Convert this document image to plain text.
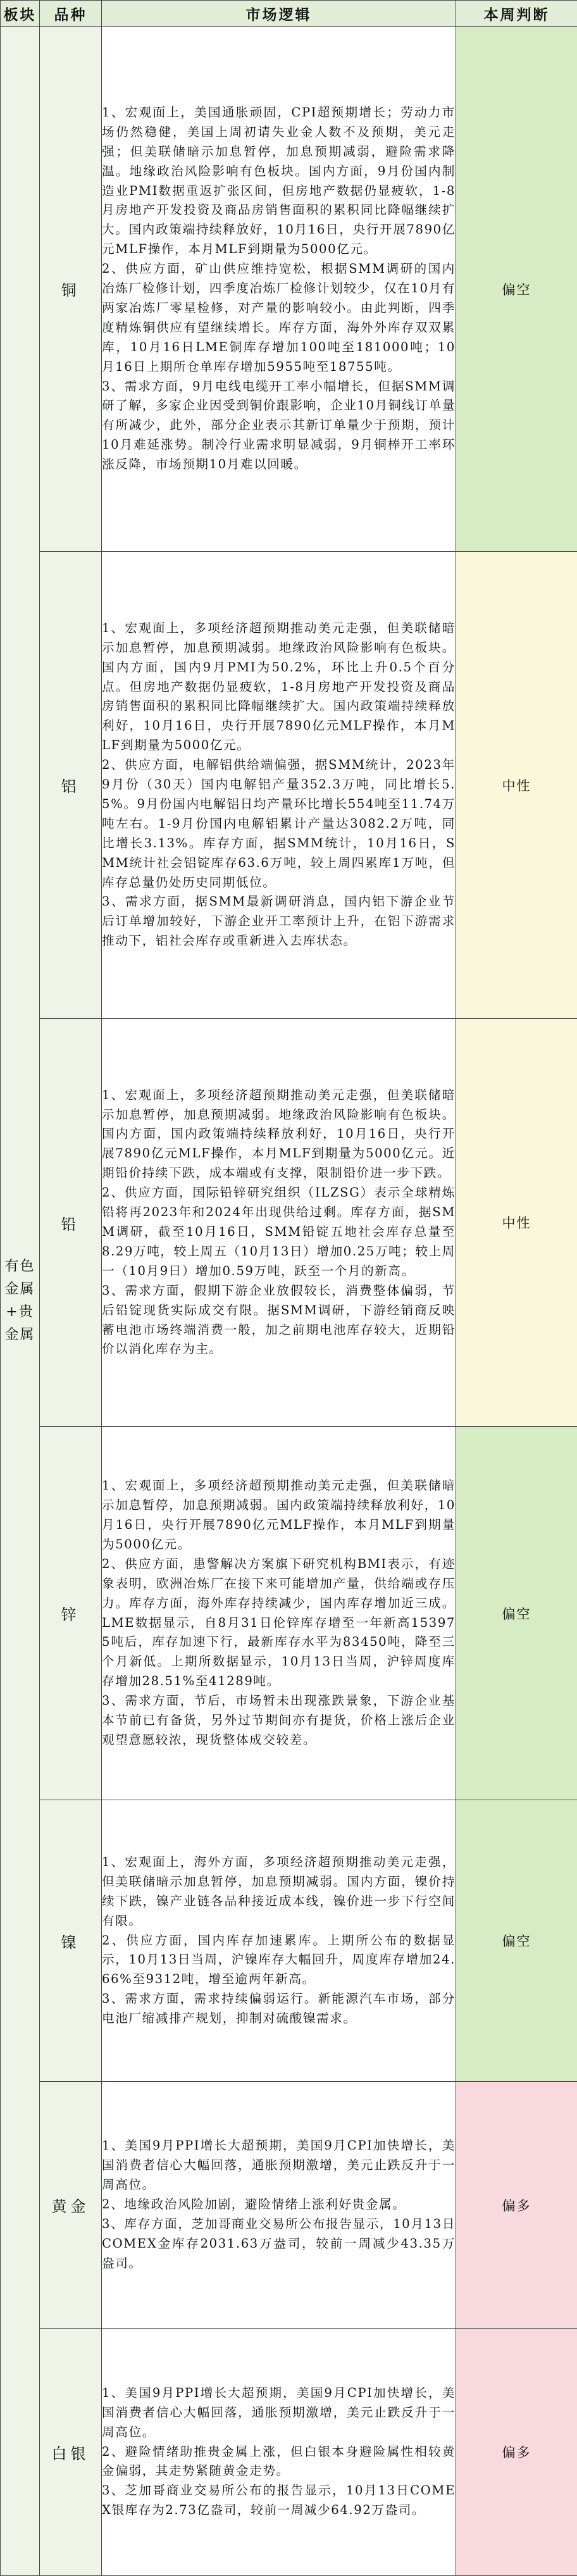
板块	品种	市场逻辑	本周判断
有色金属+贵金属	铜	1、宏观面上，美国通胀顽固，CPI超预期增长；劳动力市场仍然稳健，美国上周初请失业金人数不及预期，美元走强；但美联储暗示加息暂停，加息预期减弱，避险需求降温。地缘政治风险影响有色板块。国内方面，9月份国内制造业PMI数据重返扩张区间，但房地产数据仍显疲软，1-8月房地产开发投资及商品房销售面积的累积同比降幅继续扩大。国内政策端持续释放好，10月16日，央行开展7890亿元MLF操作，本月MLF到期量为5000亿元。

2、供应方面，矿山供应维持宽松，根据SMM调研的国内冶炼厂检修计划，四季度冶炼厂检修计划较少，仅在10月有两家冶炼厂零星检修，对产量的影响较小。由此判断，四季度精炼铜供应有望继续增长。库存方面，海外外库存双双累库，10月16日LME铜库存增加100吨至181000吨；10月16日上期所仓单库存增加5955吨至18755吨。

3、需求方面，9月电线电缆开工率小幅增长，但据SMM调研了解，多家企业因受到铜价跟影响，企业10月铜线订单量有所减少，此外，部分企业表示其新订单量少于预期，预计10月难延涨势。制冷行业需求明显减弱，9月铜棒开工率环涨反降，市场预期10月难以回暖。	偏空
	铝	1、宏观面上，多项经济超预期推动美元走强，但美联储暗示加息暂停，加息预期减弱。地缘政治风险影响有色板块。国内方面，国内9月PMI为50.2%，环比上升0.5个百分点。但房地产数据仍显疲软，1-8月房地产开发投资及商品房销售面积的累积同比降幅继续扩大。国内政策端持续释放利好，10月16日，央行开展7890亿元MLF操作，本月MLF到期量为5000亿元。

2、供应方面，电解铝供给端偏强，据SMM统计，2023年9月份（30天）国内电解铝产量352.3万吨，同比增长5.5%。9月份国内电解铝日均产量环比增长554吨至11.74万吨左右。1-9月份国内电解铝累计产量达3082.2万吨，同比增长3.13%。库存方面，据SMM统计，10月16日，SMM统计社会铝锭库存63.6万吨，较上周四累库1万吨，但库存总量仍处历史同期低位。

3、需求方面，据SMM最新调研消息，国内铝下游企业节后订单增加较好，下游企业开工率预计上升，在铝下游需求推动下，铝社会库存或重新进入去库状态。	中性
	铅	1、宏观面上，多项经济超预期推动美元走强，但美联储暗示加息暂停，加息预期减弱。地缘政治风险影响有色板块。国内方面，国内政策端持续释放利好，10月16日，央行开展7890亿元MLF操作，本月MLF到期量为5000亿元。近期铅价持续下跌，成本端或有支撑，限制铅价进一步下跌。

2、供应方面，国际铅锌研究组织（ILZSG）表示全球精炼铅将再2023年和2024年出现供给过剩。库存方面，据SMM调研，截至10月16日，SMM铅锭五地社会库存总量至8.29万吨，较上周五（10月13日）增加0.25万吨；较上周一（10月9日）增加0.59万吨，跃至一个月的新高。

3、需求方面，假期下游企业放假较长，消费整体偏弱，节后铅锭现货实际成交有限。据SMM调研，下游经销商反映蓄电池市场终端消费一般，加之前期电池库存较大，近期铅价以消化库存为主。	中性
	锌	1、宏观面上，多项经济超预期推动美元走强，但美联储暗示加息暂停，加息预期减弱。国内政策端持续释放利好，10月16日，央行开展7890亿元MLF操作，本月MLF到期量为5000亿元。

2、供应方面，患警解决方案旗下研究机构BMI表示，有迹象表明，欧洲冶炼厂在接下来可能增加产量，供给端或存压力。库存方面，海外库存持续减少，国内库存增加近三成。LME数据显示，自8月31日伦锌库存增至一年新高153975吨后，库存加速下行，最新库存水平为83450吨，降至三个月新低。上期所数据显示，10月13日当周，沪锌周度库存增加28.51%至41289吨。

3、需求方面，节后，市场暂未出现涨跌景象，下游企业基本节前已有备货，另外过节期间亦有提货，价格上涨后企业观望意愿较浓，现货整体成交较差。	偏空
	镍	1、宏观面上，海外方面，多项经济超预期推动美元走强，但美联储暗示加息暂停，加息预期减弱。国内方面，镍价持续下跌，镍产业链各品种接近成本线，镍价进一步下行空间有限。

2、供应方面，国内库存加速累库。上期所公布的数据显示，10月13日当周，沪镍库存大幅回升，周度库存增加24.66%至9312吨，增至逾两年新高。

3、需求方面，需求持续偏弱运行。新能源汽车市场，部分电池厂缩减排产规划，抑制对硫酸镍需求。	偏空
	黄金	1、美国9月PPI增长大超预期，美国9月CPI加快增长，美国消费者信心大幅回落，通胀预期激增，美元止跌反升于一周高位。

2、地缘政治风险加剧，避险情绪上涨利好贵金属。

3、库存方面，芝加哥商业交易所公布报告显示，10月13日COMEX金库存2031.63万盎司，较前一周减少43.35万盎司。	偏多
	白银	1、美国9月PPI增长大超预期，美国9月CPI加快增长，美国消费者信心大幅回落，通胀预期激增，美元止跌反升于一周高位。

2、避险情绪助推贵金属上涨，但白银本身避险属性相较黄金偏弱，其走势紧随黄金走势。

3、芝加哥商业交易所公布的报告显示，10月13日COMEX银库存为2.73亿盎司，较前一周减少64.92万盎司。	偏多
